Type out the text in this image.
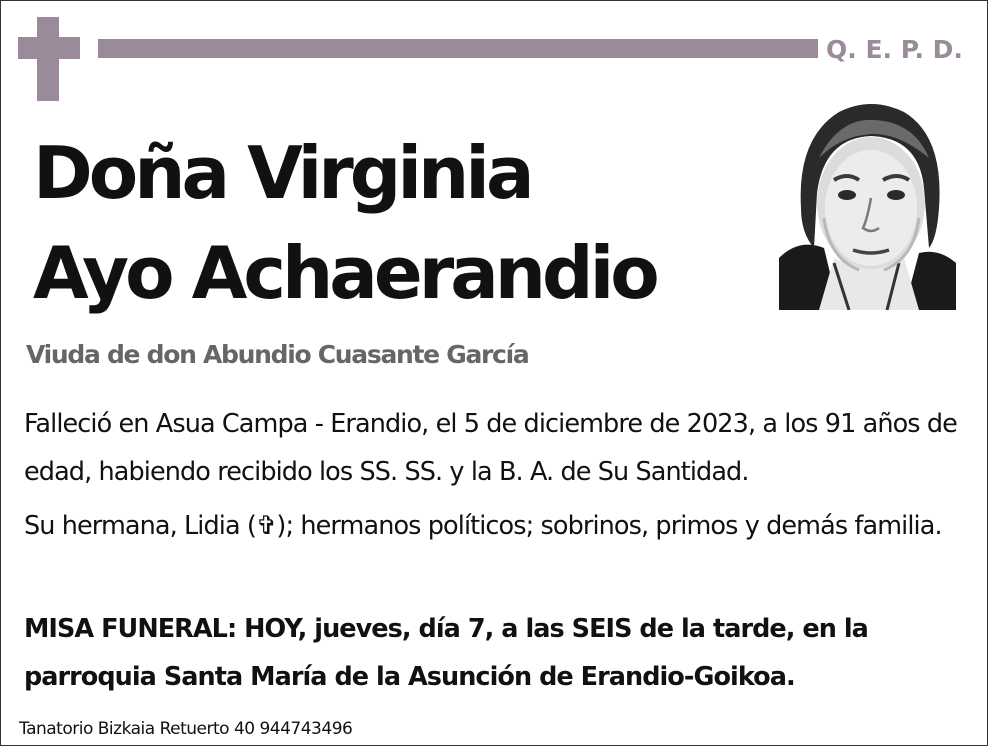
Q. E. P. D.
Doña Virginia
Ayo Achaerandio
Viuda de don Abundio Cuasante García
Falleció en Asua Campa - Erandio, el 5 de diciembre de 2023, a los 91 años de edad, habiendo recibido los SS. SS. y la B. A. de Su Santidad.
Su hermana, Lidia (✞); hermanos políticos; sobrinos, primos y demás familia.
MISA FUNERAL: HOY, jueves, día 7, a las SEIS de la tarde, en la parroquia Santa María de la Asunción de Erandio-Goikoa.
Tanatorio Bizkaia Retuerto 40 944743496
